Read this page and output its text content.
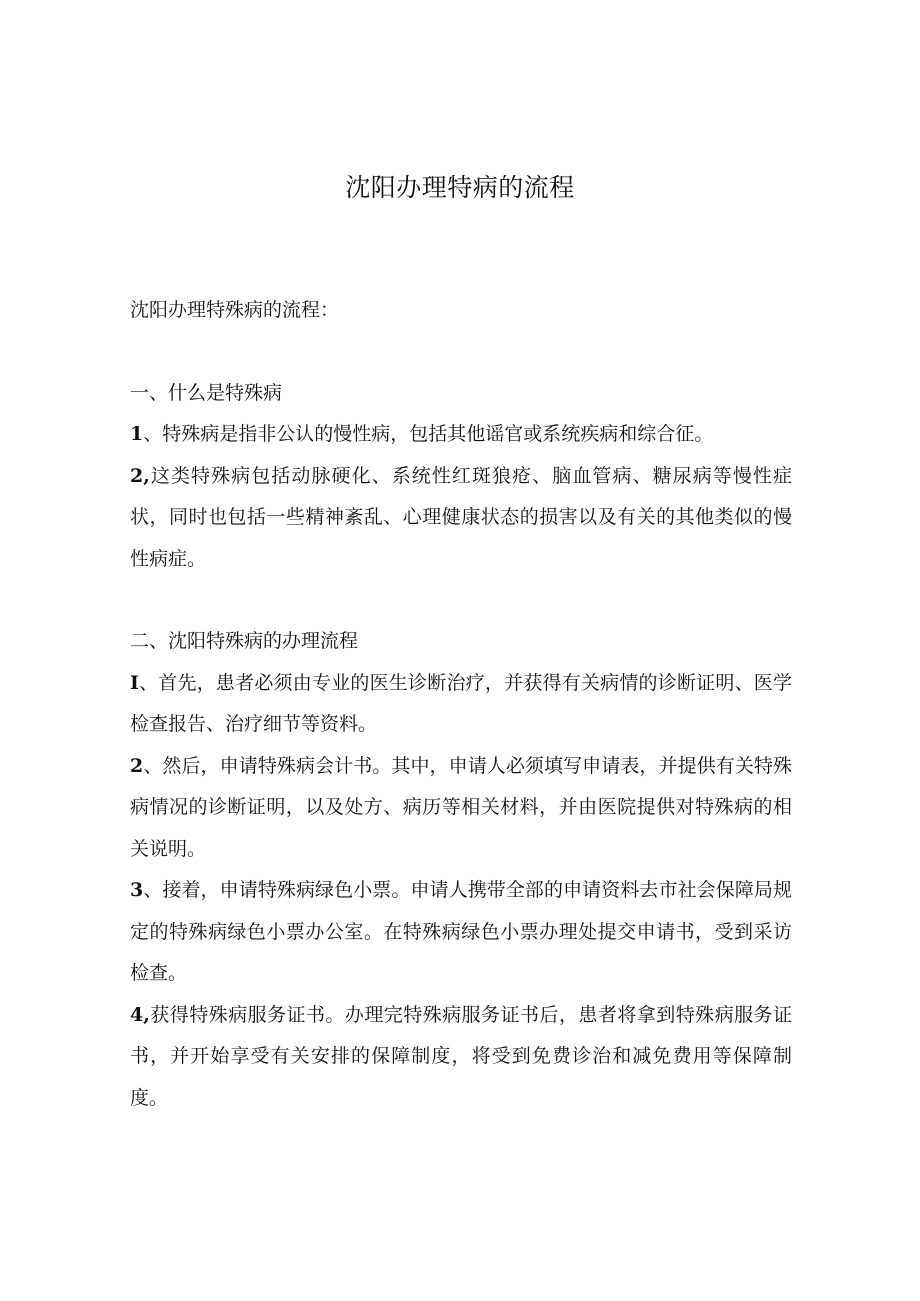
沈阳办理特病的流程

沈阳办理特殊病的流程：

一、什么是特殊病

1、特殊病是指非公认的慢性病，包括其他谣官或系统疾病和综合征。

2,这类特殊病包括动脉硬化、系统性红斑狼疮、脑血管病、糖尿病等慢性症状，同时也包括一些精神紊乱、心理健康状态的损害以及有关的其他类似的慢性病症。

二、沈阳特殊病的办理流程

I、首先，患者必须由专业的医生诊断治疗，并获得有关病情的诊断证明、医学检查报告、治疗细节等资料。

2、然后，申请特殊病会计书。其中，申请人必须填写申请表，并提供有关特殊病情况的诊断证明，以及处方、病历等相关材料，并由医院提供对特殊病的相关说明。

3、接着，申请特殊病绿色小票。申请人携带全部的申请资料去市社会保障局规定的特殊病绿色小票办公室。在特殊病绿色小票办理处提交申请书，受到采访检查。

4,获得特殊病服务证书。办理完特殊病服务证书后，患者将拿到特殊病服务证书，并开始享受有关安排的保障制度，将受到免费诊治和减免费用等保障制度。
